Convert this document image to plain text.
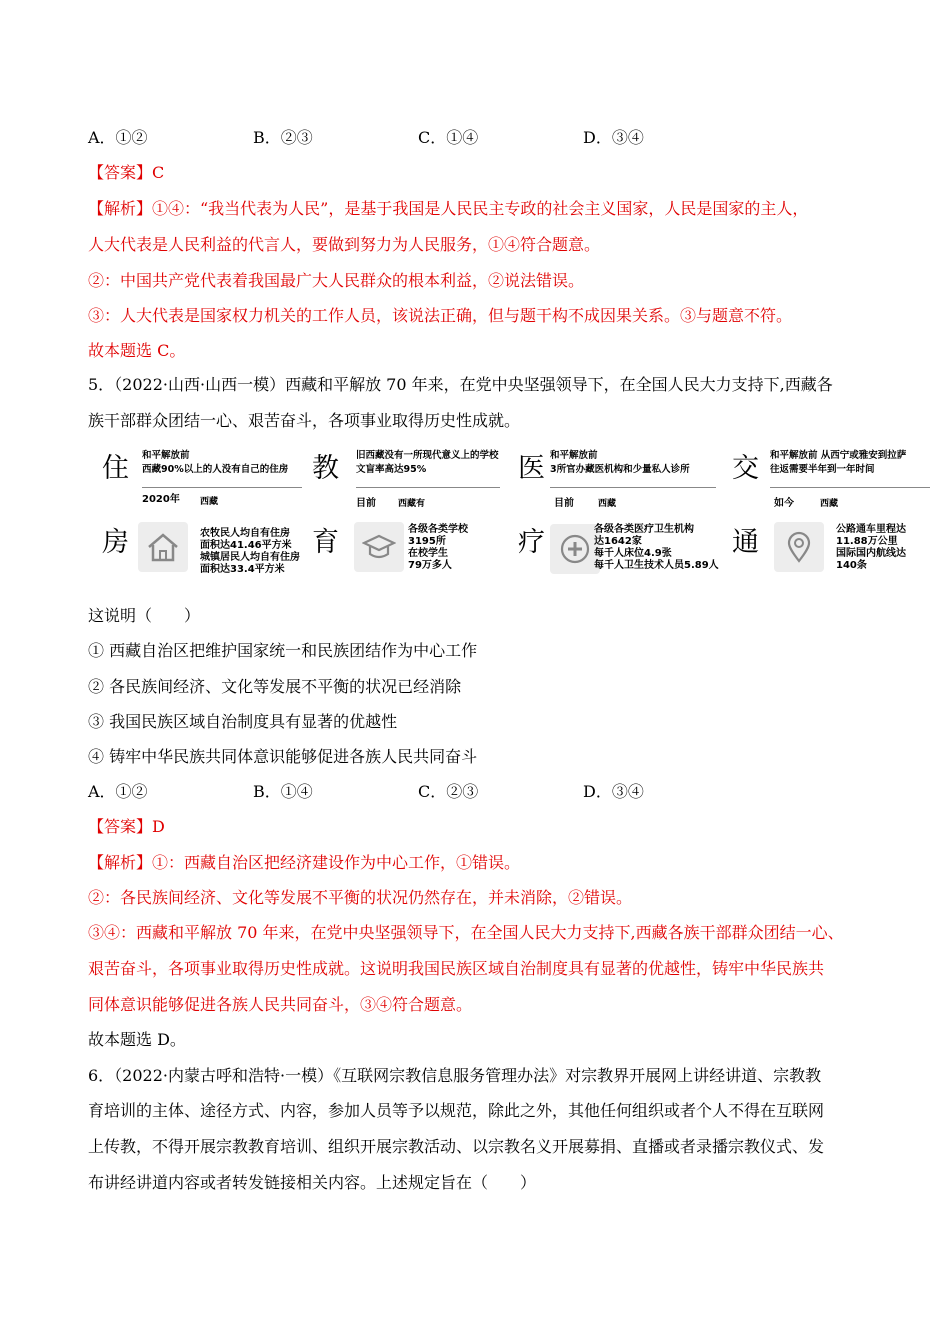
A．①②	B．②③	C．①④	D．③④
【答案】C
【解析】①④：“我当代表为人民”，是基于我国是人民民主专政的社会主义国家，人民是国家的主人，
人大代表是人民利益的代言人，要做到努力为人民服务，①④符合题意。
②：中国共产党代表着我国最广大人民群众的根本利益，②说法错误。
③：人大代表是国家权力机关的工作人员，该说法正确，但与题干构不成因果关系。③与题意不符。
故本题选 C。
5．（2022·山西·山西一模）西藏和平解放 70 年来，在党中央坚强领导下，在全国人民大力支持下,西藏各
族干部群众团结一心、艰苦奋斗，各项事业取得历史性成就。
住
房
和平解放前
西藏90%以上的人没有自己的住房
2020年 西藏
农牧民人均自有住房
面积达41.46平方米
城镇居民人均自有住房
面积达33.4平方米
教
育
旧西藏没有一所现代意义上的学校
文盲率高达95%
目前 西藏有
各级各类学校
3195所
在校学生
79万多人
医
疗
和平解放前
3所官办藏医机构和少量私人诊所
目前	西藏
各级各类医疗卫生机构
达1642家
每千人床位4.9张
每千人卫生技术人员5.89人
交
通
和平解放前 从西宁或雅安到拉萨
往返需要半年到一年时间
如今	西藏
公路通车里程达
11.88万公里
国际国内航线达
140条
这说明（　　）
① 西藏自治区把维护国家统一和民族团结作为中心工作
② 各民族间经济、文化等发展不平衡的状况已经消除
③ 我国民族区域自治制度具有显著的优越性
④ 铸牢中华民族共同体意识能够促进各族人民共同奋斗
A．①②	B．①④	C．②③	D．③④
【答案】D
【解析】①：西藏自治区把经济建设作为中心工作，①错误。
②：各民族间经济、文化等发展不平衡的状况仍然存在，并未消除，②错误。
③④：西藏和平解放 70 年来，在党中央坚强领导下，在全国人民大力支持下,西藏各族干部群众团结一心、
艰苦奋斗，各项事业取得历史性成就。这说明我国民族区域自治制度具有显著的优越性，铸牢中华民族共
同体意识能够促进各族人民共同奋斗，③④符合题意。
故本题选 D。
6．（2022·内蒙古呼和浩特·一模）《互联网宗教信息服务管理办法》对宗教界开展网上讲经讲道、宗教教
育培训的主体、途径方式、内容，参加人员等予以规范，除此之外，其他任何组织或者个人不得在互联网
上传教，不得开展宗教教育培训、组织开展宗教活动、以宗教名义开展募捐、直播或者录播宗教仪式、发
布讲经讲道内容或者转发链接相关内容。上述规定旨在（　　）
